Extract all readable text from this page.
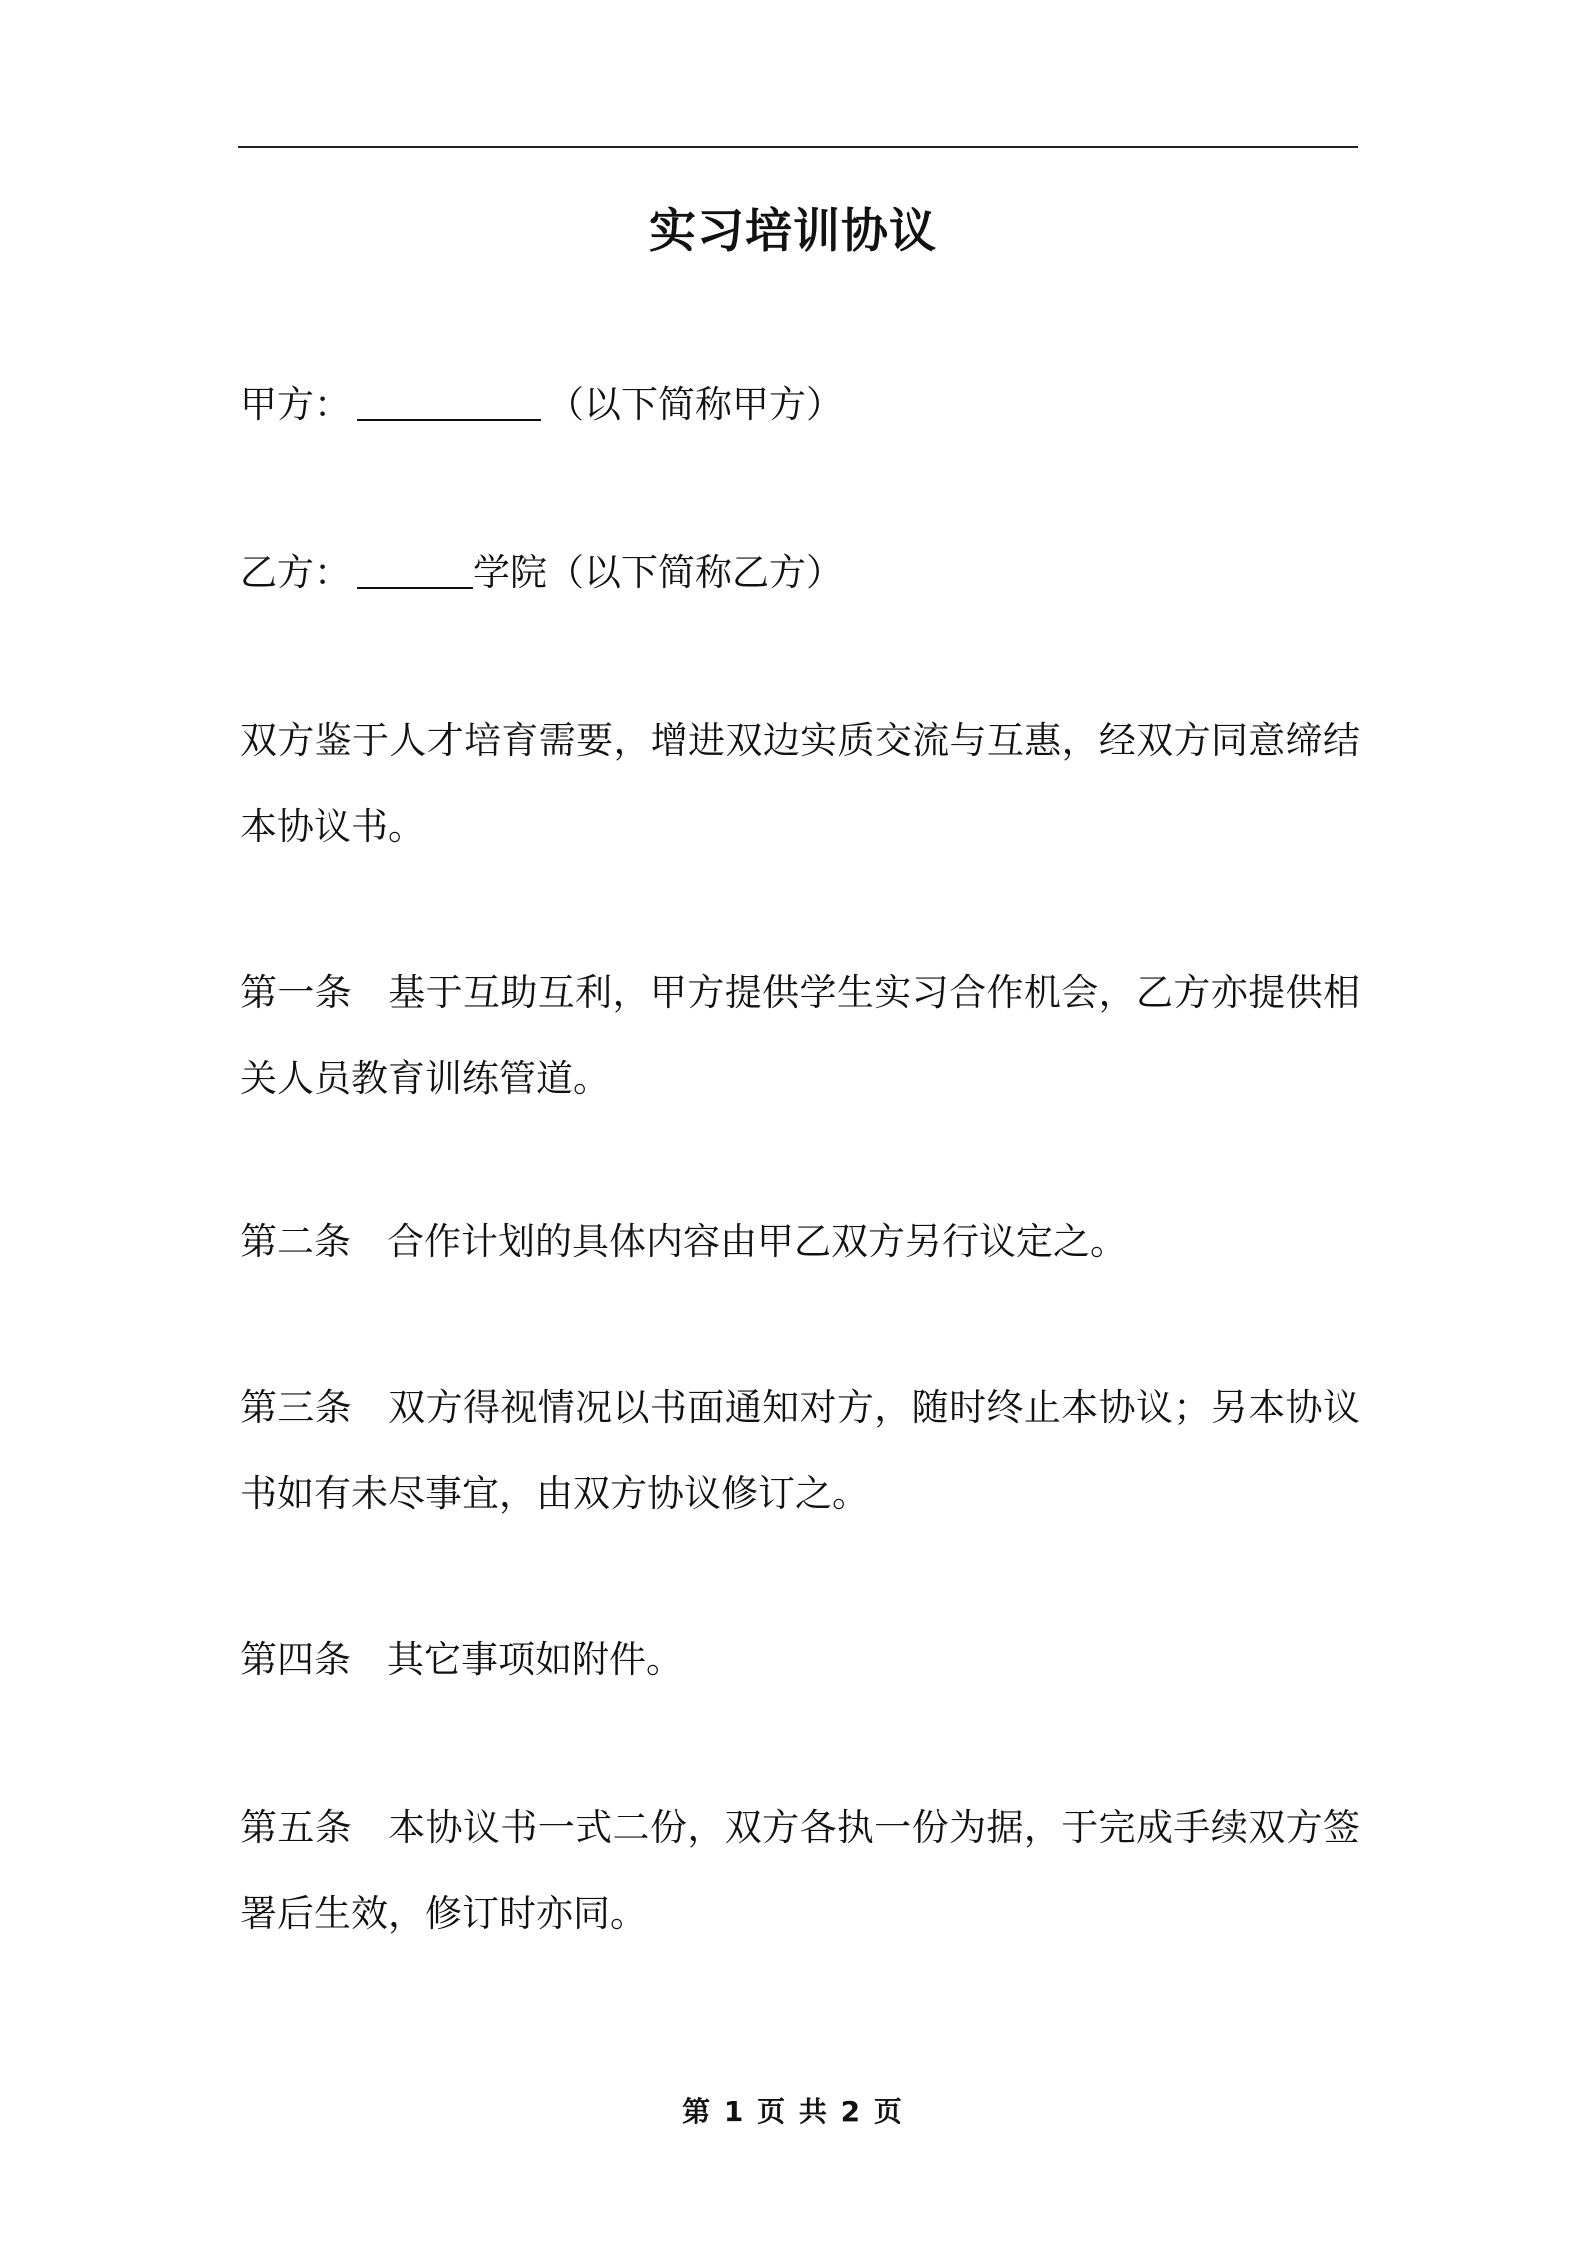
实习培训协议

甲方：	（以下简称甲方）

乙方：	学院（以下简称乙方）

双方鉴于人才培育需要，增进双边实质交流与互惠，经双方同意缔结本协议书。

第一条 基于互助互利，甲方提供学生实习合作机会，乙方亦提供相关人员教育训练管道。

第二条 合作计划的具体内容由甲乙双方另行议定之。

第三条 双方得视情况以书面通知对方，随时终止本协议；另本协议书如有未尽事宜，由双方协议修订之。

第四条 其它事项如附件。

第五条 本协议书一式二份，双方各执一份为据，于完成手续双方签署后生效，修订时亦同。

第 1 页 共 2 页
